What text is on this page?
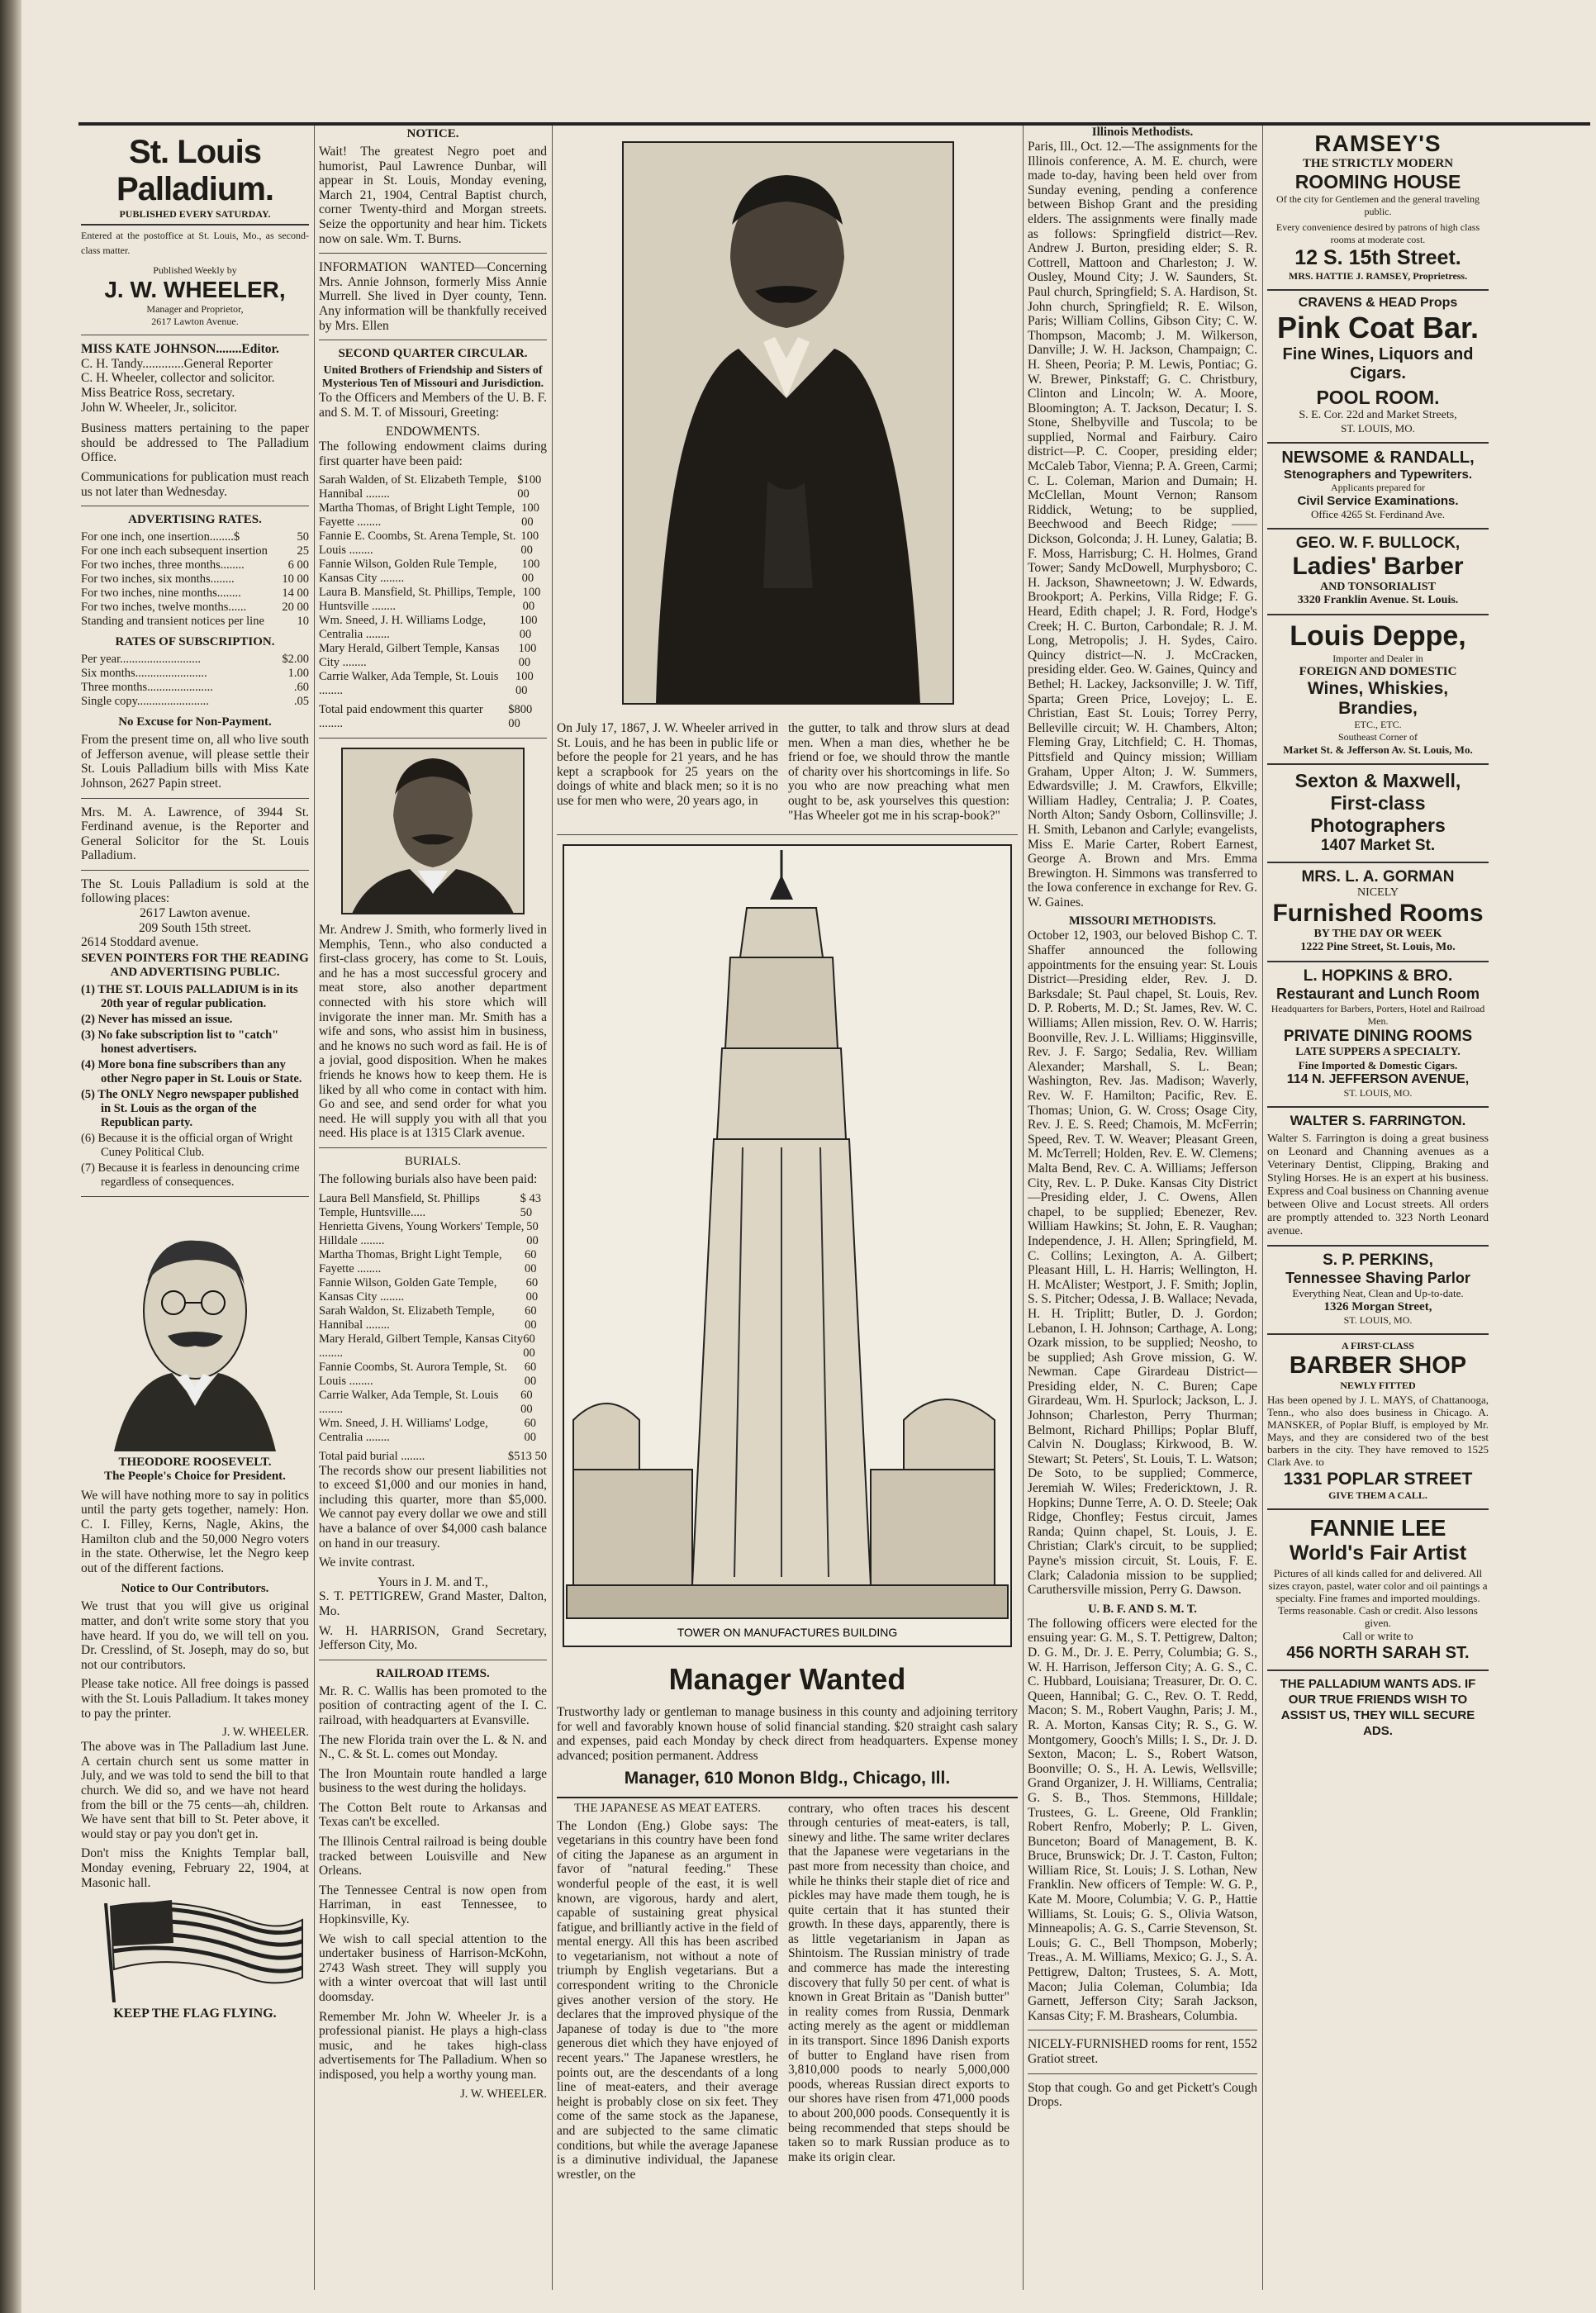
St. Louis Palladium.
PUBLISHED EVERY SATURDAY.

Entered at the postoffice at St. Louis, Mo., as second-class matter.

Published Weekly by
J. W. WHEELER,
Manager and Proprietor,
2617 Lawton Avenue.
MISS KATE JOHNSON........Editor.
C. H. Tandy.............General Reporter
C. H. Wheeler, collector and solicitor.
Miss Beatrice Ross, secretary.
John W. Wheeler, Jr., solicitor.

Business matters pertaining to the paper should be addressed to The Palladium Office.

Communications for publication must reach us not later than Wednesday.

ADVERTISING RATES.
For one inch, one insertion........$	50
For one inch each subsequent insertion 25
For two inches, three months........	6 00
For two inches, six months........	10 00
For two inches, nine months........	14 00
For two inches, twelve months......	20 00
Standing and transient notices per line	10
RATES OF SUBSCRIPTION.
Per year...........................	$2.00
Six months........................	1.00
Three months......................	.60
Single copy........................	.05
No Excuse for Non-Payment.

From the present time on, all who live south of Jefferson avenue, will please settle their St. Louis Palladium bills with Miss Kate Johnson, 2627 Papin street.

Mrs. M. A. Lawrence, of 3944 St. Ferdinand avenue, is the Reporter and General Solicitor for the St. Louis Palladium.

The St. Louis Palladium is sold at the following places:

2617 Lawton avenue.
209 South 15th street.
2614 Stoddard avenue.
SEVEN POINTERS FOR THE READING AND ADVERTISING PUBLIC.
(1) THE ST. LOUIS PALLADIUM is in its 20th year of regular publication.
(2) Never has missed an issue.
(3) No fake subscription list to "catch" honest advertisers.
(4) More bona fine subscribers than any other Negro paper in St. Louis or State.
(5) The ONLY Negro newspaper published in St. Louis as the organ of the Republican party.
(6) Because it is the official organ of Wright Cuney Political Club.
(7) Because it is fearless in denouncing crime regardless of consequences.
THEODORE ROOSEVELT.
The People's Choice for President.

We will have nothing more to say in politics until the party gets together, namely: Hon. C. I. Filley, Kerns, Nagle, Akins, the Hamilton club and the 50,000 Negro voters in the state. Otherwise, let the Negro keep out of the different factions.

Notice to Our Contributors.

We trust that you will give us original matter, and don't write some story that you have heard. If you do, we will tell on you. Dr. Cresslind, of St. Joseph, may do so, but not our contributors.

Please take notice. All free doings is passed with the St. Louis Palladium. It takes money to pay the printer.

J. W. WHEELER.

The above was in The Palladium last June. A certain church sent us some matter in July, and we was told to send the bill to that church. We did so, and we have not heard from the bill or the 75 cents—ah, children. We have sent that bill to St. Peter above, it would stay or pay you don't get in.

Don't miss the Knights Templar ball, Monday evening, February 22, 1904, at Masonic hall.

KEEP THE FLAG FLYING.
NOTICE.

Wait! The greatest Negro poet and humorist, Paul Lawrence Dunbar, will appear in St. Louis, Monday evening, March 21, 1904, Central Baptist church, corner Twenty-third and Morgan streets. Seize the opportunity and hear him. Tickets now on sale. Wm. T. Burns.

INFORMATION WANTED—Concerning Mrs. Annie Johnson, formerly Miss Annie Murrell. She lived in Dyer county, Tenn. Any information will be thankfully received by Mrs. Ellen

SECOND QUARTER CIRCULAR.
United Brothers of Friendship and Sisters of Mysterious Ten of Missouri and Jurisdiction.

To the Officers and Members of the U. B. F. and S. M. T. of Missouri, Greeting:

ENDOWMENTS.

The following endowment claims during first quarter have been paid:

Sarah Walden, of St. Elizabeth Temple, Hannibal ........
$100 00
Martha Thomas, of Bright Light Temple, Fayette ........
100 00
Fannie E. Coombs, St. Arena Temple, St. Louis ........
100 00
Fannie Wilson, Golden Rule Temple, Kansas City ........
100 00
Laura B. Mansfield, St. Phillips, Temple, Huntsville ........
100 00
Wm. Sneed, J. H. Williams Lodge, Centralia ........
100 00
Mary Herald, Gilbert Temple, Kansas City ........
100 00
Carrie Walker, Ada Temple, St. Louis ........
100 00
Total paid endowment this quarter ........
$800 00

Mr. Andrew J. Smith, who formerly lived in Memphis, Tenn., who also conducted a first-class grocery, has come to St. Louis, and he has a most successful grocery and meat store, also another department connected with his store which will invigorate the inner man. Mr. Smith has a wife and sons, who assist him in business, and he knows no such word as fail. He is of a jovial, good disposition. When he makes friends he knows how to keep them. He is liked by all who come in contact with him. Go and see, and send order for what you need. He will supply you with all that you need. His place is at 1315 Clark avenue.

BURIALS.

The following burials also have been paid:

Laura Bell Mansfield, St. Phillips Temple, Huntsville.....
$ 43 50
Henrietta Givens, Young Workers' Temple, Hilldale ........
50 00
Martha Thomas, Bright Light Temple, Fayette ........
60 00
Fannie Wilson, Golden Gate Temple, Kansas City ........
60 00
Sarah Waldon, St. Elizabeth Temple, Hannibal ........
60 00
Mary Herald, Gilbert Temple, Kansas City ........
60 00
Fannie Coombs, St. Aurora Temple, St. Louis ........
60 00
Carrie Walker, Ada Temple, St. Louis ........
60 00
Wm. Sneed, J. H. Williams' Lodge, Centralia ........
60 00
Total paid burial ........	$513 50

The records show our present liabilities not to exceed $1,000 and our monies in hand, including this quarter, more than $5,000. We cannot pay every dollar we owe and still have a balance of over $4,000 cash balance on hand in our treasury.

We invite contrast.

Yours in J. M. and T.,

S. T. PETTIGREW, Grand Master, Dalton, Mo.

W. H. HARRISON, Grand Secretary, Jefferson City, Mo.

RAILROAD ITEMS.

Mr. R. C. Wallis has been promoted to the position of contracting agent of the I. C. railroad, with headquarters at Evansville.

The new Florida train over the L. & N. and N., C. & St. L. comes out Monday.

The Iron Mountain route handled a large business to the west during the holidays.

The Cotton Belt route to Arkansas and Texas can't be excelled.

The Illinois Central railroad is being double tracked between Louisville and New Orleans.

The Tennessee Central is now open from Harriman, in east Tennessee, to Hopkinsville, Ky.

We wish to call special attention to the undertaker business of Harrison-McKohn, 2743 Wash street. They will supply you with a winter overcoat that will last until doomsday.

Remember Mr. John W. Wheeler Jr. is a professional pianist. He plays a high-class music, and he takes high-class advertisements for The Palladium. When so indisposed, you help a worthy young man.

J. W. WHEELER.

On July 17, 1867, J. W. Wheeler arrived in St. Louis, and he has been in public life or before the people for 21 years, and he has kept a scrapbook for 25 years on the doings of white and black men; so it is no use for men who were, 20 years ago, in

the gutter, to talk and throw slurs at dead men. When a man dies, whether he be friend or foe, we should throw the mantle of charity over his shortcomings in life. So you who are now preaching what men ought to be, ask yourselves this question: "Has Wheeler got me in his scrap-book?"

TOWER ON MANUFACTURES BUILDING
Manager Wanted

Trustworthy lady or gentleman to manage business in this county and adjoining territory for well and favorably known house of solid financial standing. $20 straight cash salary and expenses, paid each Monday by check direct from headquarters. Expense money advanced; position permanent. Address

Manager, 610 Monon Bldg., Chicago, Ill.
THE JAPANESE AS MEAT EATERS.

The London (Eng.) Globe says: The vegetarians in this country have been fond of citing the Japanese as an argument in favor of "natural feeding." These wonderful people of the east, it is well known, are vigorous, hardy and alert, capable of sustaining great physical fatigue, and brilliantly active in the field of mental energy. All this has been ascribed to vegetarianism, not without a note of triumph by English vegetarians. But a correspondent writing to the Chronicle gives another version of the story. He declares that the improved physique of the Japanese of today is due to "the more generous diet which they have enjoyed of recent years." The Japanese wrestlers, he points out, are the descendants of a long line of meat-eaters, and their average height is probably close on six feet. They come of the same stock as the Japanese, and are subjected to the same climatic conditions, but while the average Japanese is a diminutive individual, the Japanese wrestler, on the

contrary, who often traces his descent through centuries of meat-eaters, is tall, sinewy and lithe. The same writer declares that the Japanese were vegetarians in the past more from necessity than choice, and while he thinks their staple diet of rice and pickles may have made them tough, he is quite certain that it has stunted their growth. In these days, apparently, there is as little vegetarianism in Japan as Shintoism. The Russian ministry of trade and commerce has made the interesting discovery that fully 50 per cent. of what is known in Great Britain as "Danish butter" in reality comes from Russia, Denmark acting merely as the agent or middleman in its transport. Since 1896 Danish exports of butter to England have risen from 3,810,000 poods to nearly 5,000,000 poods, whereas Russian direct exports to our shores have risen from 471,000 poods to about 200,000 poods. Consequently it is being recommended that steps should be taken so to mark Russian produce as to make its origin clear.

Illinois Methodists.

Paris, Ill., Oct. 12.—The assignments for the Illinois conference, A. M. E. church, were made to-day, having been held over from Sunday evening, pending a conference between Bishop Grant and the presiding elders. The assignments were finally made as follows: Springfield district—Rev. Andrew J. Burton, presiding elder; S. R. Cottrell, Mattoon and Charleston; J. W. Ousley, Mound City; J. W. Saunders, St. Paul church, Springfield; S. A. Hardison, St. John church, Springfield; R. E. Wilson, Paris; William Collins, Gibson City; C. W. Thompson, Macomb; J. M. Wilkerson, Danville; J. W. H. Jackson, Champaign; C. H. Sheen, Peoria; P. M. Lewis, Pontiac; G. W. Brewer, Pinkstaff; G. C. Christbury, Clinton and Lincoln; W. A. Moore, Bloomington; A. T. Jackson, Decatur; I. S. Stone, Shelbyville and Tuscola; to be supplied, Normal and Fairbury. Cairo district—P. C. Cooper, presiding elder; McCaleb Tabor, Vienna; P. A. Green, Carmi; C. L. Coleman, Marion and Dumain; H. McClellan, Mount Vernon; Ransom Riddick, Wetung; to be supplied, Beechwood and Beech Ridge; —— Dickson, Golconda; J. H. Luney, Galatia; B. F. Moss, Harrisburg; C. H. Holmes, Grand Tower; Sandy McDowell, Murphysboro; C. H. Jackson, Shawneetown; J. W. Edwards, Brookport; A. Perkins, Villa Ridge; F. G. Heard, Edith chapel; J. R. Ford, Hodge's Creek; H. C. Burton, Carbondale; R. J. M. Long, Metropolis; J. H. Sydes, Cairo. Quincy district—N. J. McCracken, presiding elder. Geo. W. Gaines, Quincy and Bethel; H. Lackey, Jacksonville; J. W. Tiff, Sparta; Green Price, Lovejoy; L. E. Christian, East St. Louis; Torrey Perry, Belleville circuit; W. H. Chambers, Alton; Fleming Gray, Litchfield; C. H. Thomas, Pittsfield and Quincy mission; William Graham, Upper Alton; J. W. Summers, Edwardsville; J. M. Crawfors, Elkville; William Hadley, Centralia; J. P. Coates, North Alton; Sandy Osborn, Collinsville; J. H. Smith, Lebanon and Carlyle; evangelists, Miss E. Marie Carter, Robert Earnest, George A. Brown and Mrs. Emma Brewington. H. Simmons was transferred to the Iowa conference in exchange for Rev. G. W. Gaines.

MISSOURI METHODISTS.

October 12, 1903, our beloved Bishop C. T. Shaffer announced the following appointments for the ensuing year: St. Louis District—Presiding elder, Rev. J. D. Barksdale; St. Paul chapel, St. Louis, Rev. D. P. Roberts, M. D.; St. James, Rev. W. C. Williams; Allen mission, Rev. O. W. Harris; Boonville, Rev. J. L. Williams; Higginsville, Rev. J. F. Sargo; Sedalia, Rev. William Alexander; Marshall, S. L. Bean; Washington, Rev. Jas. Madison; Waverly, Rev. W. F. Hamilton; Pacific, Rev. E. Thomas; Union, G. W. Cross; Osage City, Rev. J. E. S. Reed; Chamois, M. McFerrin; Speed, Rev. T. W. Weaver; Pleasant Green, M. McTerrell; Holden, Rev. E. W. Clemens; Malta Bend, Rev. C. A. Williams; Jefferson City, Rev. L. P. Duke. Kansas City District—Presiding elder, J. C. Owens, Allen chapel, to be supplied; Ebenezer, Rev. William Hawkins; St. John, E. R. Vaughan; Independence, J. H. Allen; Springfield, M. C. Collins; Lexington, A. A. Gilbert; Pleasant Hill, L. H. Harris; Wellington, H. H. McAlister; Westport, J. F. Smith; Joplin, S. S. Pitcher; Odessa, J. B. Wallace; Nevada, H. H. Triplitt; Butler, D. J. Gordon; Lebanon, I. H. Johnson; Carthage, A. Long; Ozark mission, to be supplied; Neosho, to be supplied; Ash Grove mission, G. W. Newman. Cape Girardeau District—Presiding elder, N. C. Buren; Cape Girardeau, Wm. H. Spurlock; Jackson, L. J. Johnson; Charleston, Perry Thurman; Belmont, Richard Phillips; Poplar Bluff, Calvin N. Douglass; Kirkwood, B. W. Stewart; St. Peters', St. Louis, T. L. Watson; De Soto, to be supplied; Commerce, Jeremiah W. Wiles; Fredericktown, J. R. Hopkins; Dunne Terre, A. O. D. Steele; Oak Ridge, Chonfley; Festus circuit, James Randa; Quinn chapel, St. Louis, J. E. Christian; Clark's circuit, to be supplied; Payne's mission circuit, St. Louis, F. E. Clark; Caladonia mission to be supplied; Caruthersville mission, Perry G. Dawson.

U. B. F. AND S. M. T.

The following officers were elected for the ensuing year: G. M., S. T. Pettigrew, Dalton; D. G. M., Dr. J. E. Perry, Columbia; G. S., W. H. Harrison, Jefferson City; A. G. S., C. C. Hubbard, Louisiana; Treasurer, Dr. O. C. Queen, Hannibal; G. C., Rev. O. T. Redd, Macon; S. M., Robert Vaughn, Paris; J. M., R. A. Morton, Kansas City; R. S., G. W. Montgomery, Gooch's Mills; I. S., Dr. J. D. Sexton, Macon; L. S., Robert Watson, Boonville; O. S., H. A. Lewis, Wellsville; Grand Organizer, J. H. Williams, Centralia; G. S. B., Thos. Stemmons, Hilldale; Trustees, G. L. Greene, Old Franklin; Robert Renfro, Moberly; P. L. Given, Bunceton; Board of Management, B. K. Bruce, Brunswick; Dr. J. T. Caston, Fulton; William Rice, St. Louis; J. S. Lothan, New Franklin. New officers of Temple: W. G. P., Kate M. Moore, Columbia; V. G. P., Hattie Williams, St. Louis; G. S., Olivia Watson, Minneapolis; A. G. S., Carrie Stevenson, St. Louis; G. C., Bell Thompson, Moberly; Treas., A. M. Williams, Mexico; G. J., S. A. Pettigrew, Dalton; Trustees, S. A. Mott, Macon; Julia Coleman, Columbia; Ida Garnett, Jefferson City; Sarah Jackson, Kansas City; F. M. Brashears, Columbia.

NICELY-FURNISHED rooms for rent, 1552 Gratiot street.

Stop that cough. Go and get Pickett's Cough Drops.

RAMSEY'S
THE STRICTLY MODERN
ROOMING HOUSE
Of the city for Gentlemen and the general traveling public.
Every convenience desired by patrons of high class rooms at moderate cost.
12 S. 15th Street.
MRS. HATTIE J. RAMSEY, Proprietress.
CRAVENS & HEAD Props
Pink Coat Bar.
Fine Wines, Liquors and Cigars.
POOL ROOM.
S. E. Cor. 22d and Market Streets,
ST. LOUIS, MO.
NEWSOME & RANDALL,
Stenographers and Typewriters.
Applicants prepared for
Civil Service Examinations.
Office 4265 St. Ferdinand Ave.
GEO. W. F. BULLOCK,
Ladies' Barber
AND TONSORIALIST
3320 Franklin Avenue. St. Louis.
Louis Deppe,
Importer and Dealer in
FOREIGN AND DOMESTIC
Wines, Whiskies, Brandies,
ETC., ETC.
Southeast Corner of
Market St. & Jefferson Av. St. Louis, Mo.
Sexton & Maxwell,
First-class Photographers
1407 Market St.
MRS. L. A. GORMAN
NICELY
Furnished Rooms
BY THE DAY OR WEEK
1222 Pine Street, St. Louis, Mo.
L. HOPKINS & BRO.
Restaurant and Lunch Room
Headquarters for Barbers, Porters, Hotel and Railroad Men.
PRIVATE DINING ROOMS
LATE SUPPERS A SPECIALTY.
Fine Imported & Domestic Cigars.
114 N. JEFFERSON AVENUE,
ST. LOUIS, MO.
WALTER S. FARRINGTON.

Walter S. Farrington is doing a great business on Leonard and Channing avenues as a Veterinary Dentist, Clipping, Braking and Styling Horses. He is an expert at his business. Express and Coal business on Channing avenue between Olive and Locust streets. All orders are promptly attended to. 323 North Leonard avenue.

S. P. PERKINS,
Tennessee Shaving Parlor
Everything Neat, Clean and Up-to-date.
1326 Morgan Street,
ST. LOUIS, MO.
A FIRST-CLASS
BARBER SHOP
NEWLY FITTED

Has been opened by J. L. MAYS, of Chattanooga, Tenn., who also does business in Chicago. A. MANSKER, of Poplar Bluff, is employed by Mr. Mays, and they are considered two of the best barbers in the city. They have removed to 1525 Clark Ave. to

1331 POPLAR STREET
GIVE THEM A CALL.
FANNIE LEE
World's Fair Artist

Pictures of all kinds called for and delivered. All sizes crayon, pastel, water color and oil paintings a specialty. Fine frames and imported mouldings. Terms reasonable. Cash or credit. Also lessons given.

Call or write to
456 NORTH SARAH ST.
THE PALLADIUM WANTS ADS. IF OUR TRUE FRIENDS WISH TO ASSIST US, THEY WILL SECURE ADS.
